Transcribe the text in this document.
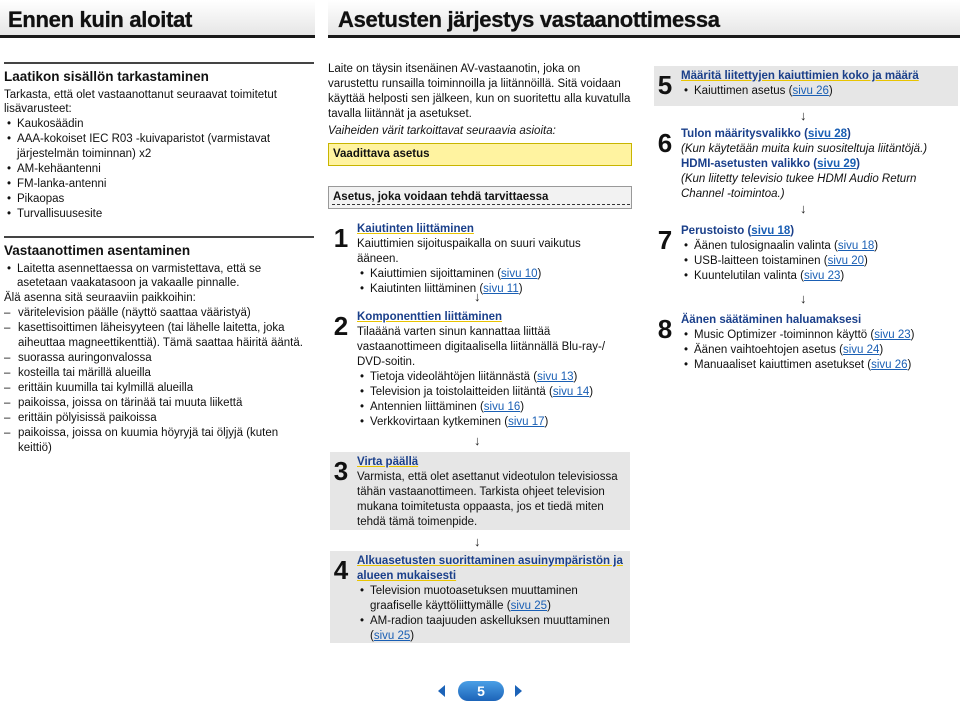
Ennen kuin aloitat	Asetusten järjestys vastaanottimessa
Laatikon sisällön tarkastaminen
Tarkasta, että olet vastaanottanut seuraavat toimitetut lisävarusteet:
• Kaukosäädin
• AAA-kokoiset IEC R03 -kuivaparistot (varmistavat järjestelmän toiminnan) x2
• AM-kehäantenni
• FM-lanka-antenni
• Pikaopas
• Turvallisuusesite
Vastaanottimen asentaminen
• Laitetta asennettaessa on varmistettava, että se asetetaan vaakatasoon ja vakaalle pinnalle.
Älä asenna sitä seuraaviin paikkoihin:
– väritelevision päälle (näyttö saattaa vääristyä)
– kasettisoittimen läheisyyteen (tai lähelle laitetta, joka aiheuttaa magneettikenttiä). Tämä saattaa häiritä ääntä.
– suorassa auringonvalossa
– kosteilla tai märillä alueilla
– erittäin kuumilla tai kylmillä alueilla
– paikoissa, joissa on tärinää tai muuta liikettä
– erittäin pölyisissä paikoissa
– paikoissa, joissa on kuumia höyryjä tai öljyjä (kuten keittiö)
Laite on täysin itsenäinen AV-vastaanotin, joka on varustettu runsailla toiminnoilla ja liitännöillä. Sitä voidaan käyttää helposti sen jälkeen, kun on suoritettu alla kuvatulla tavalla liitännät ja asetukset.
Vaiheiden värit tarkoittavat seuraavia asioita:
Vaadittava asetus
Asetus, joka voidaan tehdä tarvittaessa
1 Kaiutinten liittäminen
Kaiuttimien sijoituspaikalla on suuri vaikutus ääneen.
• Kaiuttimien sijoittaminen (sivu 10)
• Kaiutinten liittäminen (sivu 11)
↓
2 Komponenttien liittäminen
Tilaäänä varten sinun kannattaa liittää vastaanottimeen digitaalisella liitännällä Blu-ray-/ DVD-soitin.
• Tietoja videolähtöjen liitännästä (sivu 13)
• Television ja toistolaitteiden liitäntä (sivu 14)
• Antennien liittäminen (sivu 16)
• Verkkovirtaan kytkeminen (sivu 17)
↓
3 Virta päällä
Varmista, että olet asettanut videotulon televisiossa tähän vastaanottimeen. Tarkista ohjeet television mukana toimitetusta oppaasta, jos et tiedä miten tehdä tämä toimenpide.
↓
4 Alkuasetusten suorittaminen asuinympäristön ja alueen mukaisesti
• Television muotoasetuksen muuttaminen graafiselle käyttöliittymälle (sivu 25)
• AM-radion taajuuden askelluksen muuttaminen (sivu 25)
5 Määritä liitettyjen kaiuttimien koko ja määrä
• Kaiuttimen asetus (sivu 26)
↓
6 Tulon määritysvalikko (sivu 28)
(Kun käytetään muita kuin suositeltuja liitäntöjä.)
HDMI-asetusten valikko (sivu 29)
(Kun liitetty televisio tukee HDMI Audio Return Channel -toimintoa.)
↓
7 Perustoisto (sivu 18)
• Äänen tulosignaalin valinta (sivu 18)
• USB-laitteen toistaminen (sivu 20)
• Kuuntelutilan valinta (sivu 23)
↓
8 Äänen säätäminen haluamaksesi
• Music Optimizer -toiminnon käyttö (sivu 23)
• Äänen vaihtoehtojen asetus (sivu 24)
• Manuaaliset kaiuttimen asetukset (sivu 26)
5
